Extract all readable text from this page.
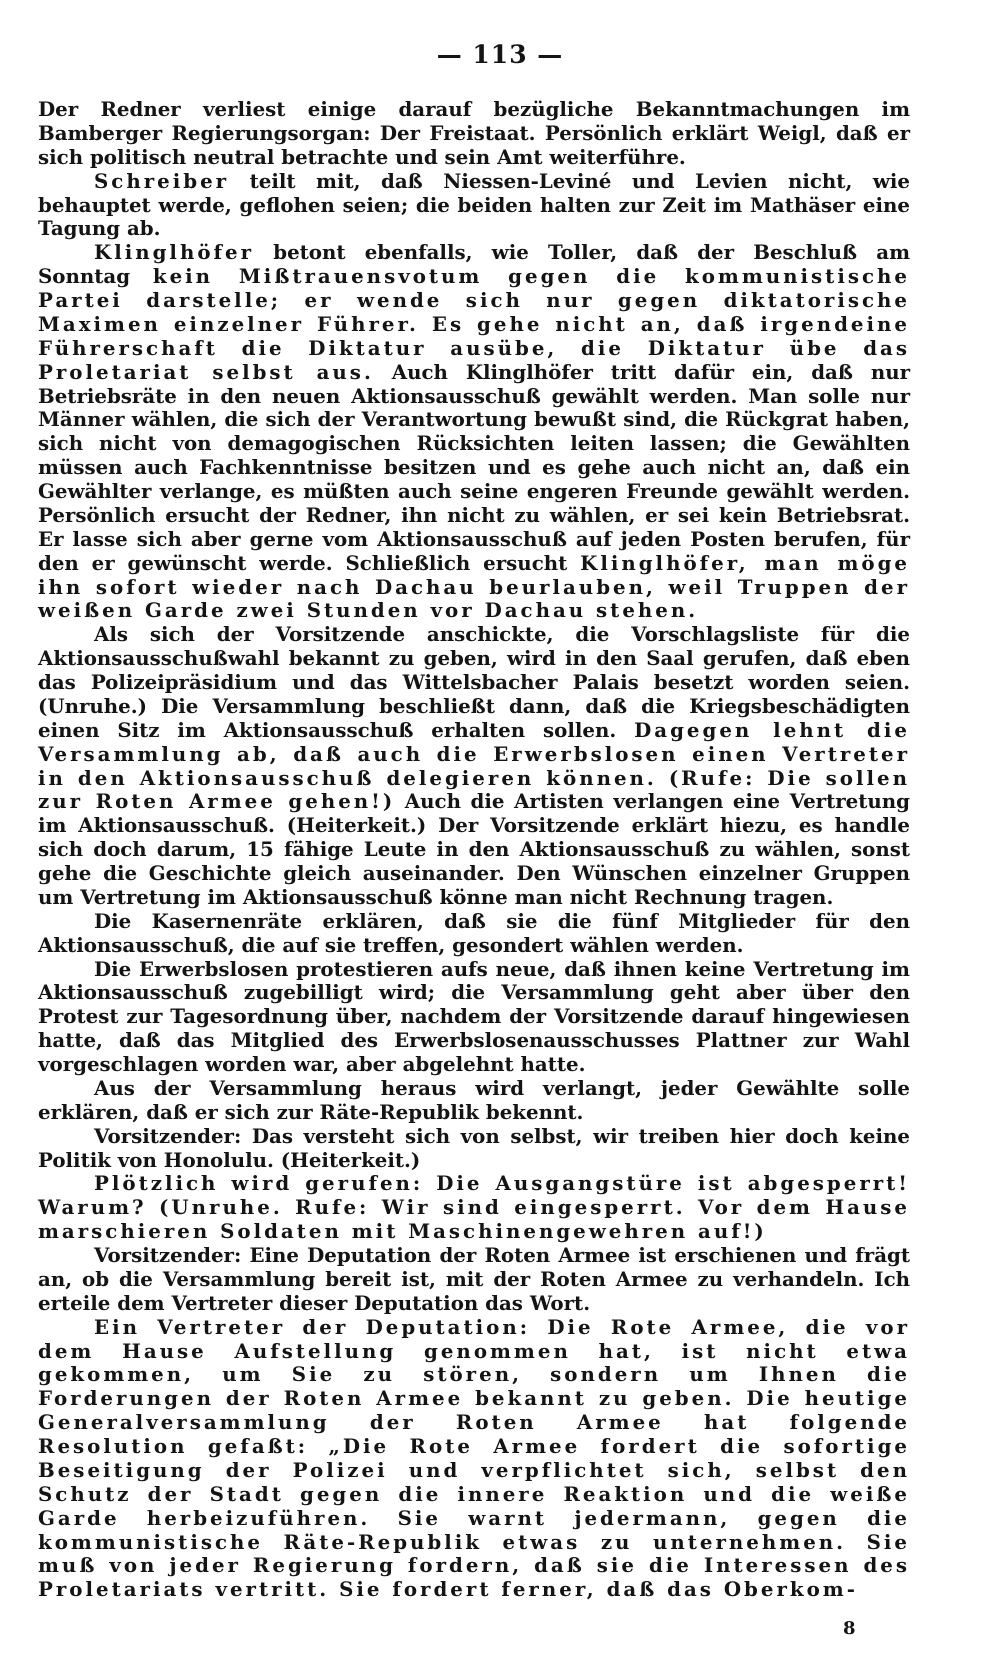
— 113 —

Der Redner verliest einige darauf bezügliche Bekanntmachungen im Bamberger Regierungsorgan: Der Freistaat. Persönlich erklärt Weigl, daß er sich politisch neutral betrachte und sein Amt weiterführe.

Schreiber teilt mit, daß Niessen-Leviné und Levien nicht, wie behauptet werde, geflohen seien; die beiden halten zur Zeit im Mathäser eine Tagung ab.

Klinglhöfer betont ebenfalls, wie Toller, daß der Beschluß am Sonntag kein Mißtrauensvotum gegen die kommunistische Partei darstelle; er wende sich nur gegen diktatorische Maximen einzelner Führer. Es gehe nicht an, daß irgendeine Führerschaft die Diktatur ausübe, die Diktatur übe das Proletariat selbst aus. Auch Klinglhöfer tritt dafür ein, daß nur Betriebsräte in den neuen Aktionsausschuß gewählt werden. Man solle nur Männer wählen, die sich der Verantwortung bewußt sind, die Rückgrat haben, sich nicht von demagogischen Rücksichten leiten lassen; die Gewählten müssen auch Fachkenntnisse besitzen und es gehe auch nicht an, daß ein Gewählter verlange, es müßten auch seine engeren Freunde gewählt werden. Persönlich ersucht der Redner, ihn nicht zu wählen, er sei kein Betriebsrat. Er lasse sich aber gerne vom Aktionsausschuß auf jeden Posten berufen, für den er gewünscht werde. Schließlich ersucht Klinglhöfer, man möge ihn sofort wieder nach Dachau beurlauben, weil Truppen der weißen Garde zwei Stunden vor Dachau stehen.

Als sich der Vorsitzende anschickte, die Vorschlagsliste für die Aktionsausschußwahl bekannt zu geben, wird in den Saal gerufen, daß eben das Polizeipräsidium und das Wittelsbacher Palais besetzt worden seien. (Unruhe.) Die Versammlung beschließt dann, daß die Kriegsbeschädigten einen Sitz im Aktionsausschuß erhalten sollen. Dagegen lehnt die Versammlung ab, daß auch die Erwerbslosen einen Vertreter in den Aktionsausschuß delegieren können. (Rufe: Die sollen zur Roten Armee gehen!) Auch die Artisten verlangen eine Vertretung im Aktionsausschuß. (Heiterkeit.) Der Vorsitzende erklärt hiezu, es handle sich doch darum, 15 fähige Leute in den Aktionsausschuß zu wählen, sonst gehe die Geschichte gleich auseinander. Den Wünschen einzelner Gruppen um Vertretung im Aktionsausschuß könne man nicht Rechnung tragen.

Die Kasernenräte erklären, daß sie die fünf Mitglieder für den Aktionsausschuß, die auf sie treffen, gesondert wählen werden.

Die Erwerbslosen protestieren aufs neue, daß ihnen keine Vertretung im Aktionsausschuß zugebilligt wird; die Versammlung geht aber über den Protest zur Tagesordnung über, nachdem der Vorsitzende darauf hingewiesen hatte, daß das Mitglied des Erwerbslosenausschusses Plattner zur Wahl vorgeschlagen worden war, aber abgelehnt hatte.

Aus der Versammlung heraus wird verlangt, jeder Gewählte solle erklären, daß er sich zur Räte-Republik bekennt.

Vorsitzender: Das versteht sich von selbst, wir treiben hier doch keine Politik von Honolulu. (Heiterkeit.)

Plötzlich wird gerufen: Die Ausgangstüre ist abgesperrt! Warum? (Unruhe. Rufe: Wir sind eingesperrt. Vor dem Hause marschieren Soldaten mit Maschinengewehren auf!)

Vorsitzender: Eine Deputation der Roten Armee ist erschienen und frägt an, ob die Versammlung bereit ist, mit der Roten Armee zu verhandeln. Ich erteile dem Vertreter dieser Deputation das Wort.

Ein Vertreter der Deputation: Die Rote Armee, die vor dem Hause Aufstellung genommen hat, ist nicht etwa gekommen, um Sie zu stören, sondern um Ihnen die Forderungen der Roten Armee bekannt zu geben. Die heutige Generalversammlung der Roten Armee hat folgende Resolution gefaßt: „Die Rote Armee fordert die sofortige Beseitigung der Polizei und verpflichtet sich, selbst den Schutz der Stadt gegen die innere Reaktion und die weiße Garde herbeizuführen. Sie warnt jedermann, gegen die kommunistische Räte-Republik etwas zu unternehmen. Sie muß von jeder Regierung fordern, daß sie die Interessen des Proletariats vertritt. Sie fordert ferner, daß das Oberkom-

8
